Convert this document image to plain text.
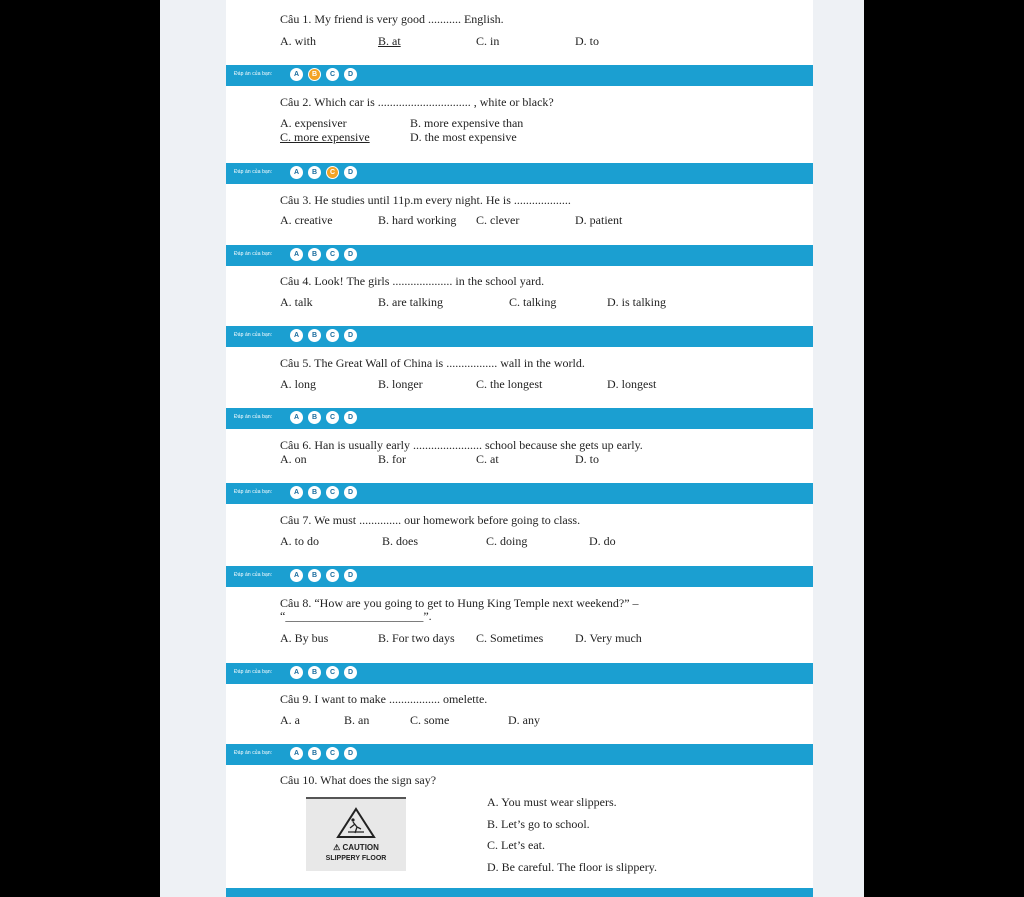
Câu 1. My friend is very good ........... English.
A. with	B. at	C. in	D. to
Đáp án của bạn:	A	B	C	D
Câu 2. Which car is ............................... , white or black?
A. expensiver	B. more expensive than
C. more expensive	D. the most expensive
Đáp án của bạn:	A	B	C	D
Câu 3. He studies until 11p.m every night. He is ...................
A. creative	B. hard working C. clever	D. patient
Đáp án của bạn:	A	B	C	D
Câu 4. Look! The girls .................... in the school yard.
A. talk	B. are talking	C. talking	D. is talking
Đáp án của bạn:	A	B	C	D
Câu 5. The Great Wall of China is ................. wall in the world.
A. long	B. longer	C. the longest	D. longest
Đáp án của bạn:	A	B	C	D
Câu 6. Han is usually early ....................... school because she gets up early.
A. on	B. for	C. at	D. to
Đáp án của bạn:	A	B	C	D
Câu 7. We must .............. our homework before going to class.
A. to do	B. does	C. doing	D. do
Đáp án của bạn:	A	B	C	D
Câu 8. “How are you going to get to Hung King Temple next weekend?” –
“_______________________”.
A. By bus	B. For two days C. Sometimes	D. Very much
Đáp án của bạn:	A	B	C	D
Câu 9. I want to make ................. omelette.
A. a	B. an	C. some	D. any
Đáp án của bạn:	A	B	C	D
Câu 10. What does the sign say?
A. You must wear slippers.
B. Let’s go to school.
C. Let’s eat.
D. Be careful. The floor is slippery.
⚠ CAUTION
SLIPPERY FLOOR
